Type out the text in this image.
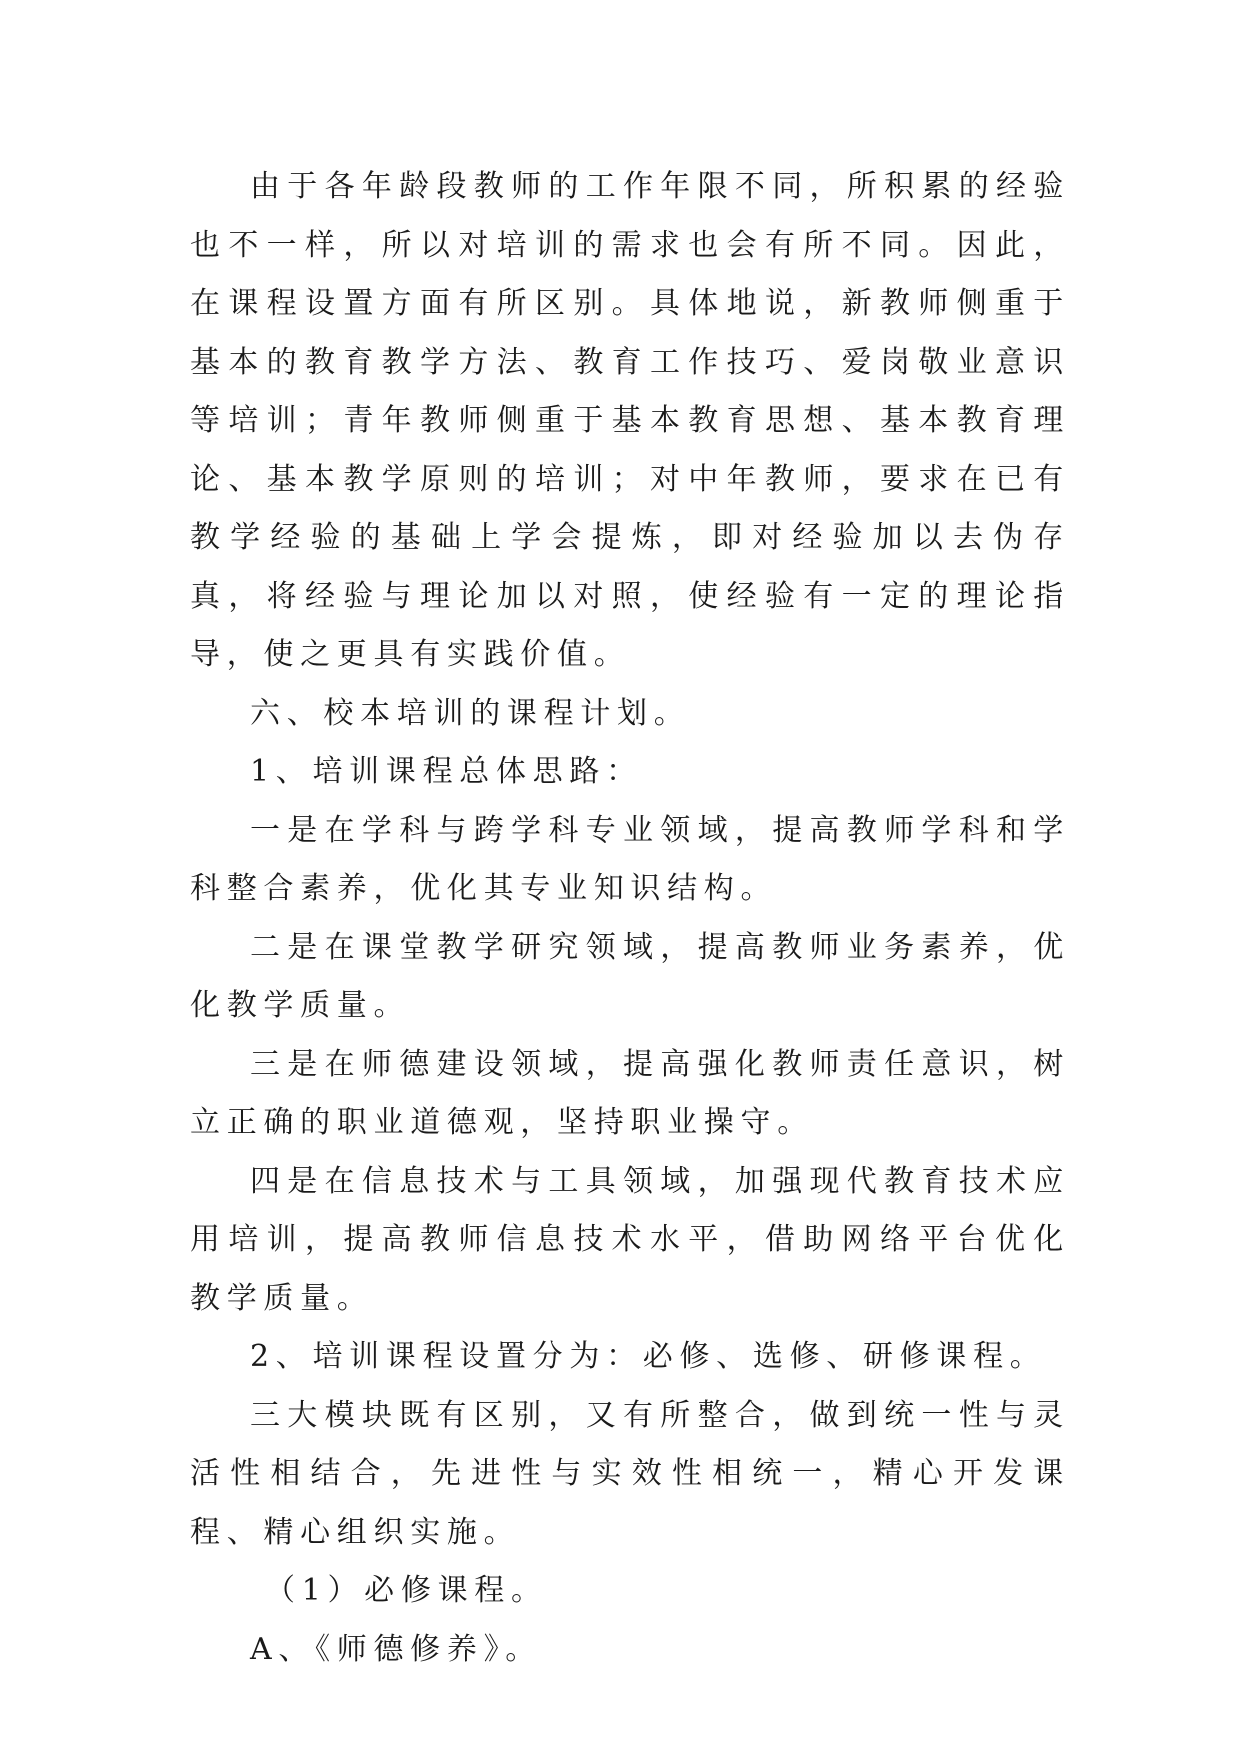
由于各年龄段教师的工作年限不同，所积累的经验也不一样，所以对培训的需求也会有所不同。因此，在课程设置方面有所区别。具体地说，新教师侧重于基本的教育教学方法、教育工作技巧、爱岗敬业意识等培训；青年教师侧重于基本教育思想、基本教育理论、基本教学原则的培训；对中年教师，要求在已有教学经验的基础上学会提炼，即对经验加以去伪存真，将经验与理论加以对照，使经验有一定的理论指导，使之更具有实践价值。

六、校本培训的课程计划。

1、培训课程总体思路：

一是在学科与跨学科专业领域，提高教师学科和学科整合素养，优化其专业知识结构。

二是在课堂教学研究领域，提高教师业务素养，优化教学质量。

三是在师德建设领域，提高强化教师责任意识，树立正确的职业道德观，坚持职业操守。

四是在信息技术与工具领域，加强现代教育技术应用培训，提高教师信息技术水平，借助网络平台优化教学质量。

2、培训课程设置分为：必修、选修、研修课程。

三大模块既有区别，又有所整合，做到统一性与灵活性相结合，先进性与实效性相统一，精心开发课程、精心组织实施。

（1）必修课程。

A、《师德修养》。
